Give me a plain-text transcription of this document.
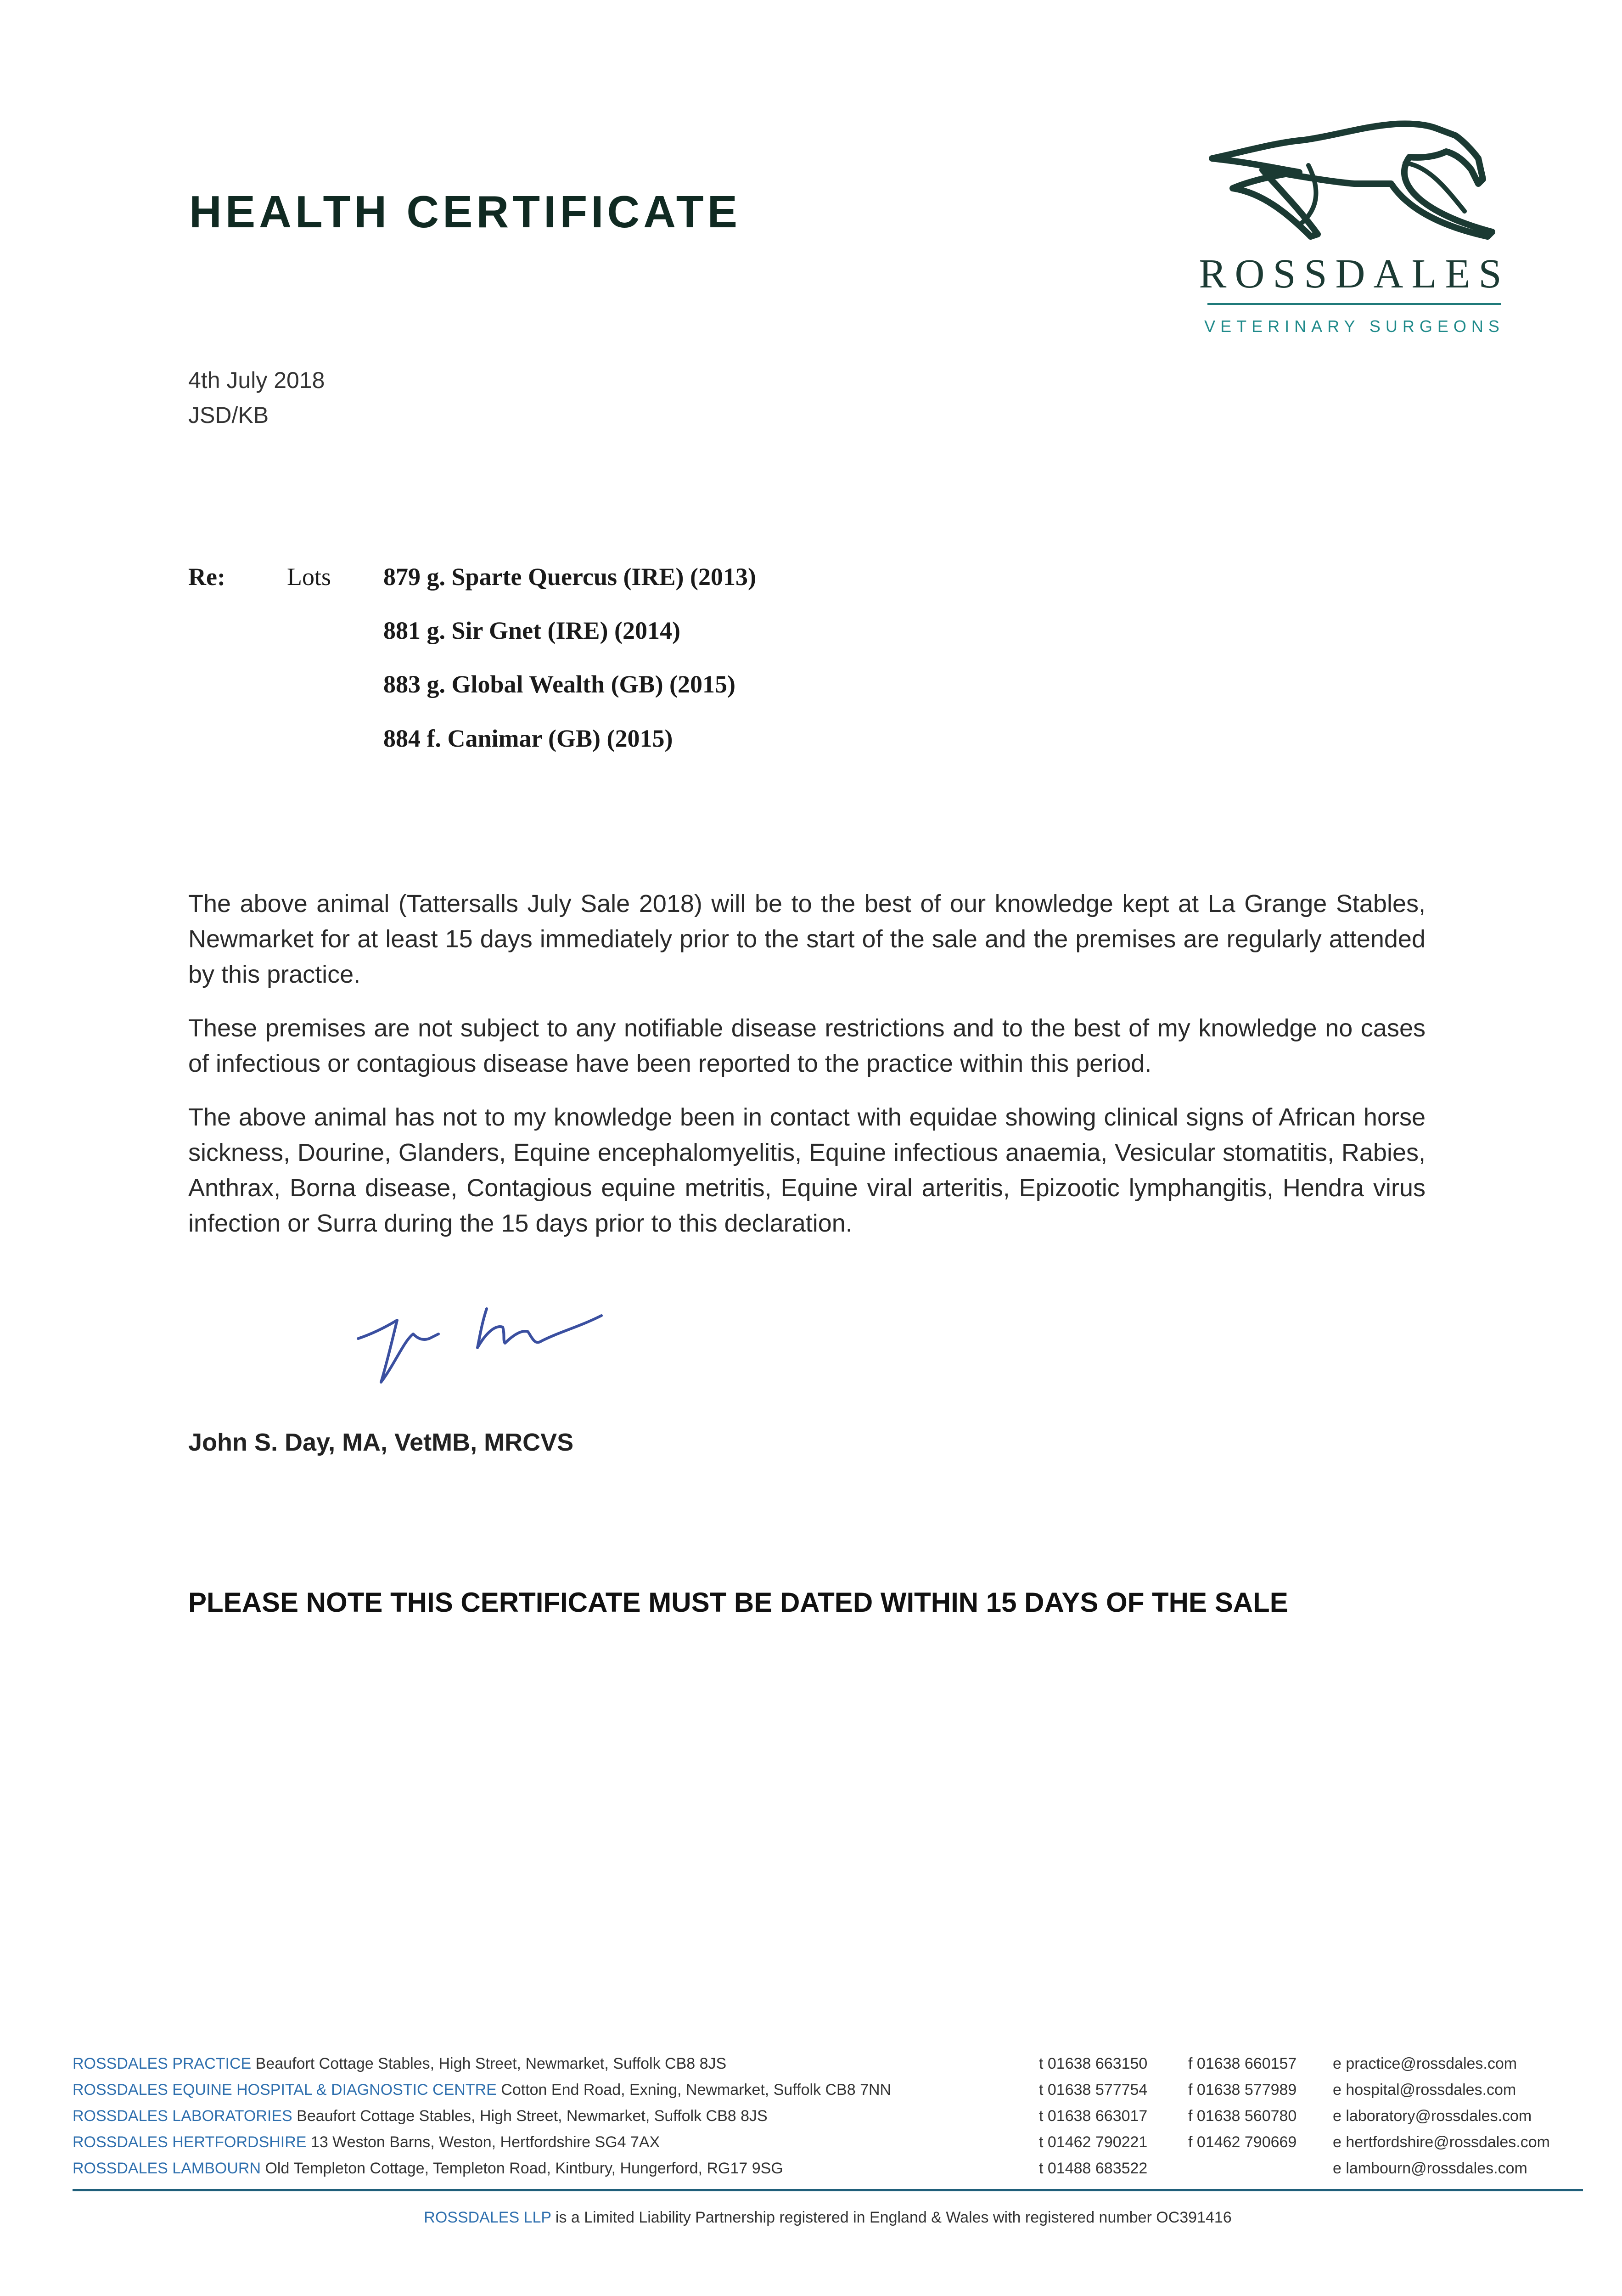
HEALTH CERTIFICATE
ROSSDALES
VETERINARY SURGEONS
4th July 2018
JSD/KB
Re: Lots 879 g. Sparte Quercus (IRE) (2013)
881 g. Sir Gnet (IRE) (2014)
883 g. Global Wealth (GB) (2015)
884 f. Canimar (GB) (2015)

The above animal (Tattersalls July Sale 2018) will be to the best of our knowledge kept at La Grange Stables, Newmarket for at least 15 days immediately prior to the start of the sale and the premises are regularly attended by this practice.

These premises are not subject to any notifiable disease restrictions and to the best of my knowledge no cases of infectious or contagious disease have been reported to the practice within this period.

The above animal has not to my knowledge been in contact with equidae showing clinical signs of African horse sickness, Dourine, Glanders, Equine encephalomyelitis, Equine infectious anaemia, Vesicular stomatitis, Rabies, Anthrax, Borna disease, Contagious equine metritis, Equine viral arteritis, Epizootic lymphangitis, Hendra virus infection or Surra during the 15 days prior to this declaration.

John S. Day, MA, VetMB, MRCVS
PLEASE NOTE THIS CERTIFICATE MUST BE DATED WITHIN 15 DAYS OF THE SALE
ROSSDALES PRACTICE Beaufort Cottage Stables, High Street, Newmarket, Suffolk CB8 8JS	t 01638 663150	f 01638 660157 e practice@rossdales.com
ROSSDALES EQUINE HOSPITAL & DIAGNOSTIC CENTRE Cotton End Road, Exning, Newmarket, Suffolk CB8 7NN	t 01638 577754	f 01638 577989 e hospital@rossdales.com
ROSSDALES LABORATORIES Beaufort Cottage Stables, High Street, Newmarket, Suffolk CB8 8JS	t 01638 663017	f 01638 560780 e laboratory@rossdales.com
ROSSDALES HERTFORDSHIRE 13 Weston Barns, Weston, Hertfordshire SG4 7AX	t 01462 790221	f 01462 790669 e hertfordshire@rossdales.com
ROSSDALES LAMBOURN Old Templeton Cottage, Templeton Road, Kintbury, Hungerford, RG17 9SG	t 01488 683522	e lambourn@rossdales.com
ROSSDALES LLP is a Limited Liability Partnership registered in England & Wales with registered number OC391416
